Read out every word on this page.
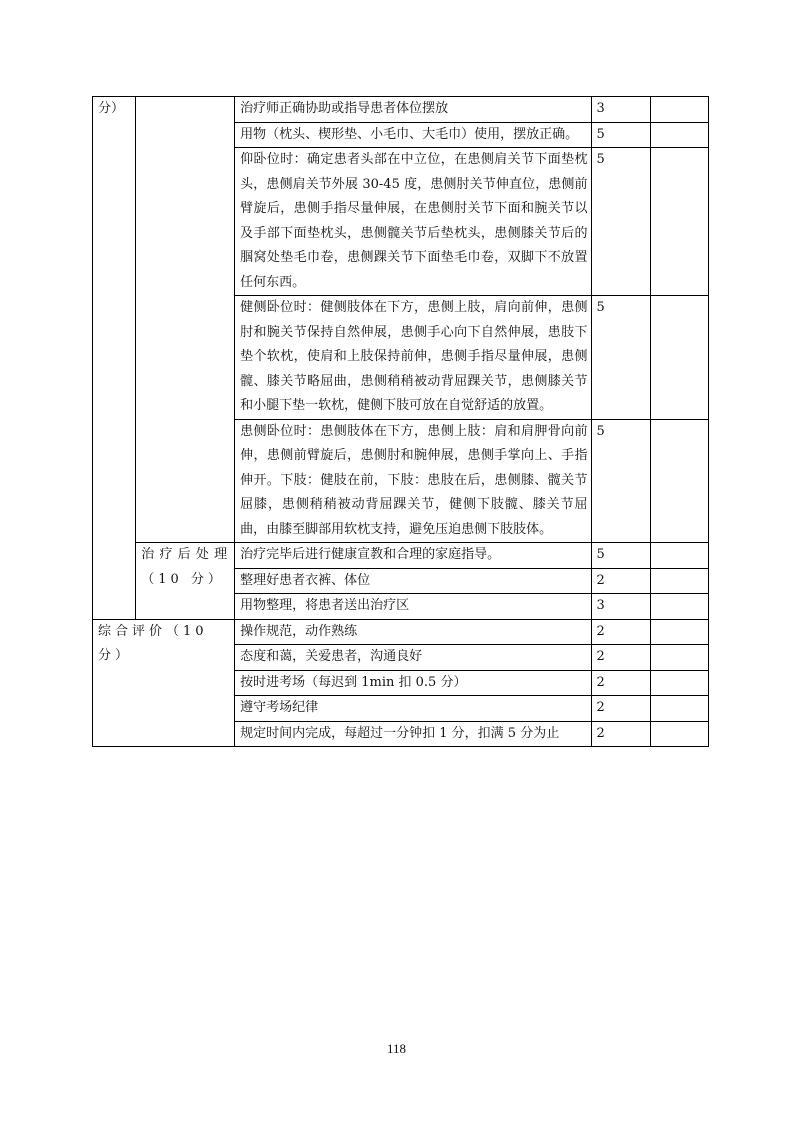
分）		治疗师正确协助或指导患者体位摆放	3	
		用物（枕头、楔形垫、小毛巾、大毛巾）使用，摆放正确。	5	
		仰卧位时：确定患者头部在中立位，在患侧肩关节下面垫枕头，患侧肩关节外展 30-45 度，患侧肘关节伸直位，患侧前臂旋后，患侧手指尽量伸展，在患侧肘关节下面和腕关节以及手部下面垫枕头，患侧髋关节后垫枕头，患侧膝关节后的腘窝处垫毛巾卷，患侧踝关节下面垫毛巾卷，双脚下不放置任何东西。	5	
		健侧卧位时：健侧肢体在下方，患侧上肢，肩向前伸，患侧肘和腕关节保持自然伸展，患侧手心向下自然伸展，患肢下垫个软枕，使肩和上肢保持前伸，患侧手指尽量伸展，患侧髋、膝关节略屈曲，患侧稍稍被动背屈踝关节，患侧膝关节和小腿下垫一软枕，健侧下肢可放在自觉舒适的放置。	5	
		患侧卧位时：患侧肢体在下方，患侧上肢：肩和肩胛骨向前伸，患侧前臂旋后，患侧肘和腕伸展，患侧手掌向上、手指伸开。下肢：健肢在前，下肢：患肢在后，患侧膝、髋关节屈膝，患侧稍稍被动背屈踝关节，健侧下肢髋、膝关节屈曲，由膝至脚部用软枕支持，避免压迫患侧下肢肢体。	5	
	治疗后处理（10 分）	治疗完毕后进行健康宣教和合理的家庭指导。	5	
		整理好患者衣裤、体位	2	
		用物整理，将患者送出治疗区	3	
综合评价（10 分）		操作规范，动作熟练	2	
		态度和蔼，关爱患者，沟通良好	2	
		按时进考场（每迟到 1min 扣 0.5 分）	2	
		遵守考场纪律	2	
		规定时间内完成，每超过一分钟扣 1 分，扣满 5 分为止	2	
118
